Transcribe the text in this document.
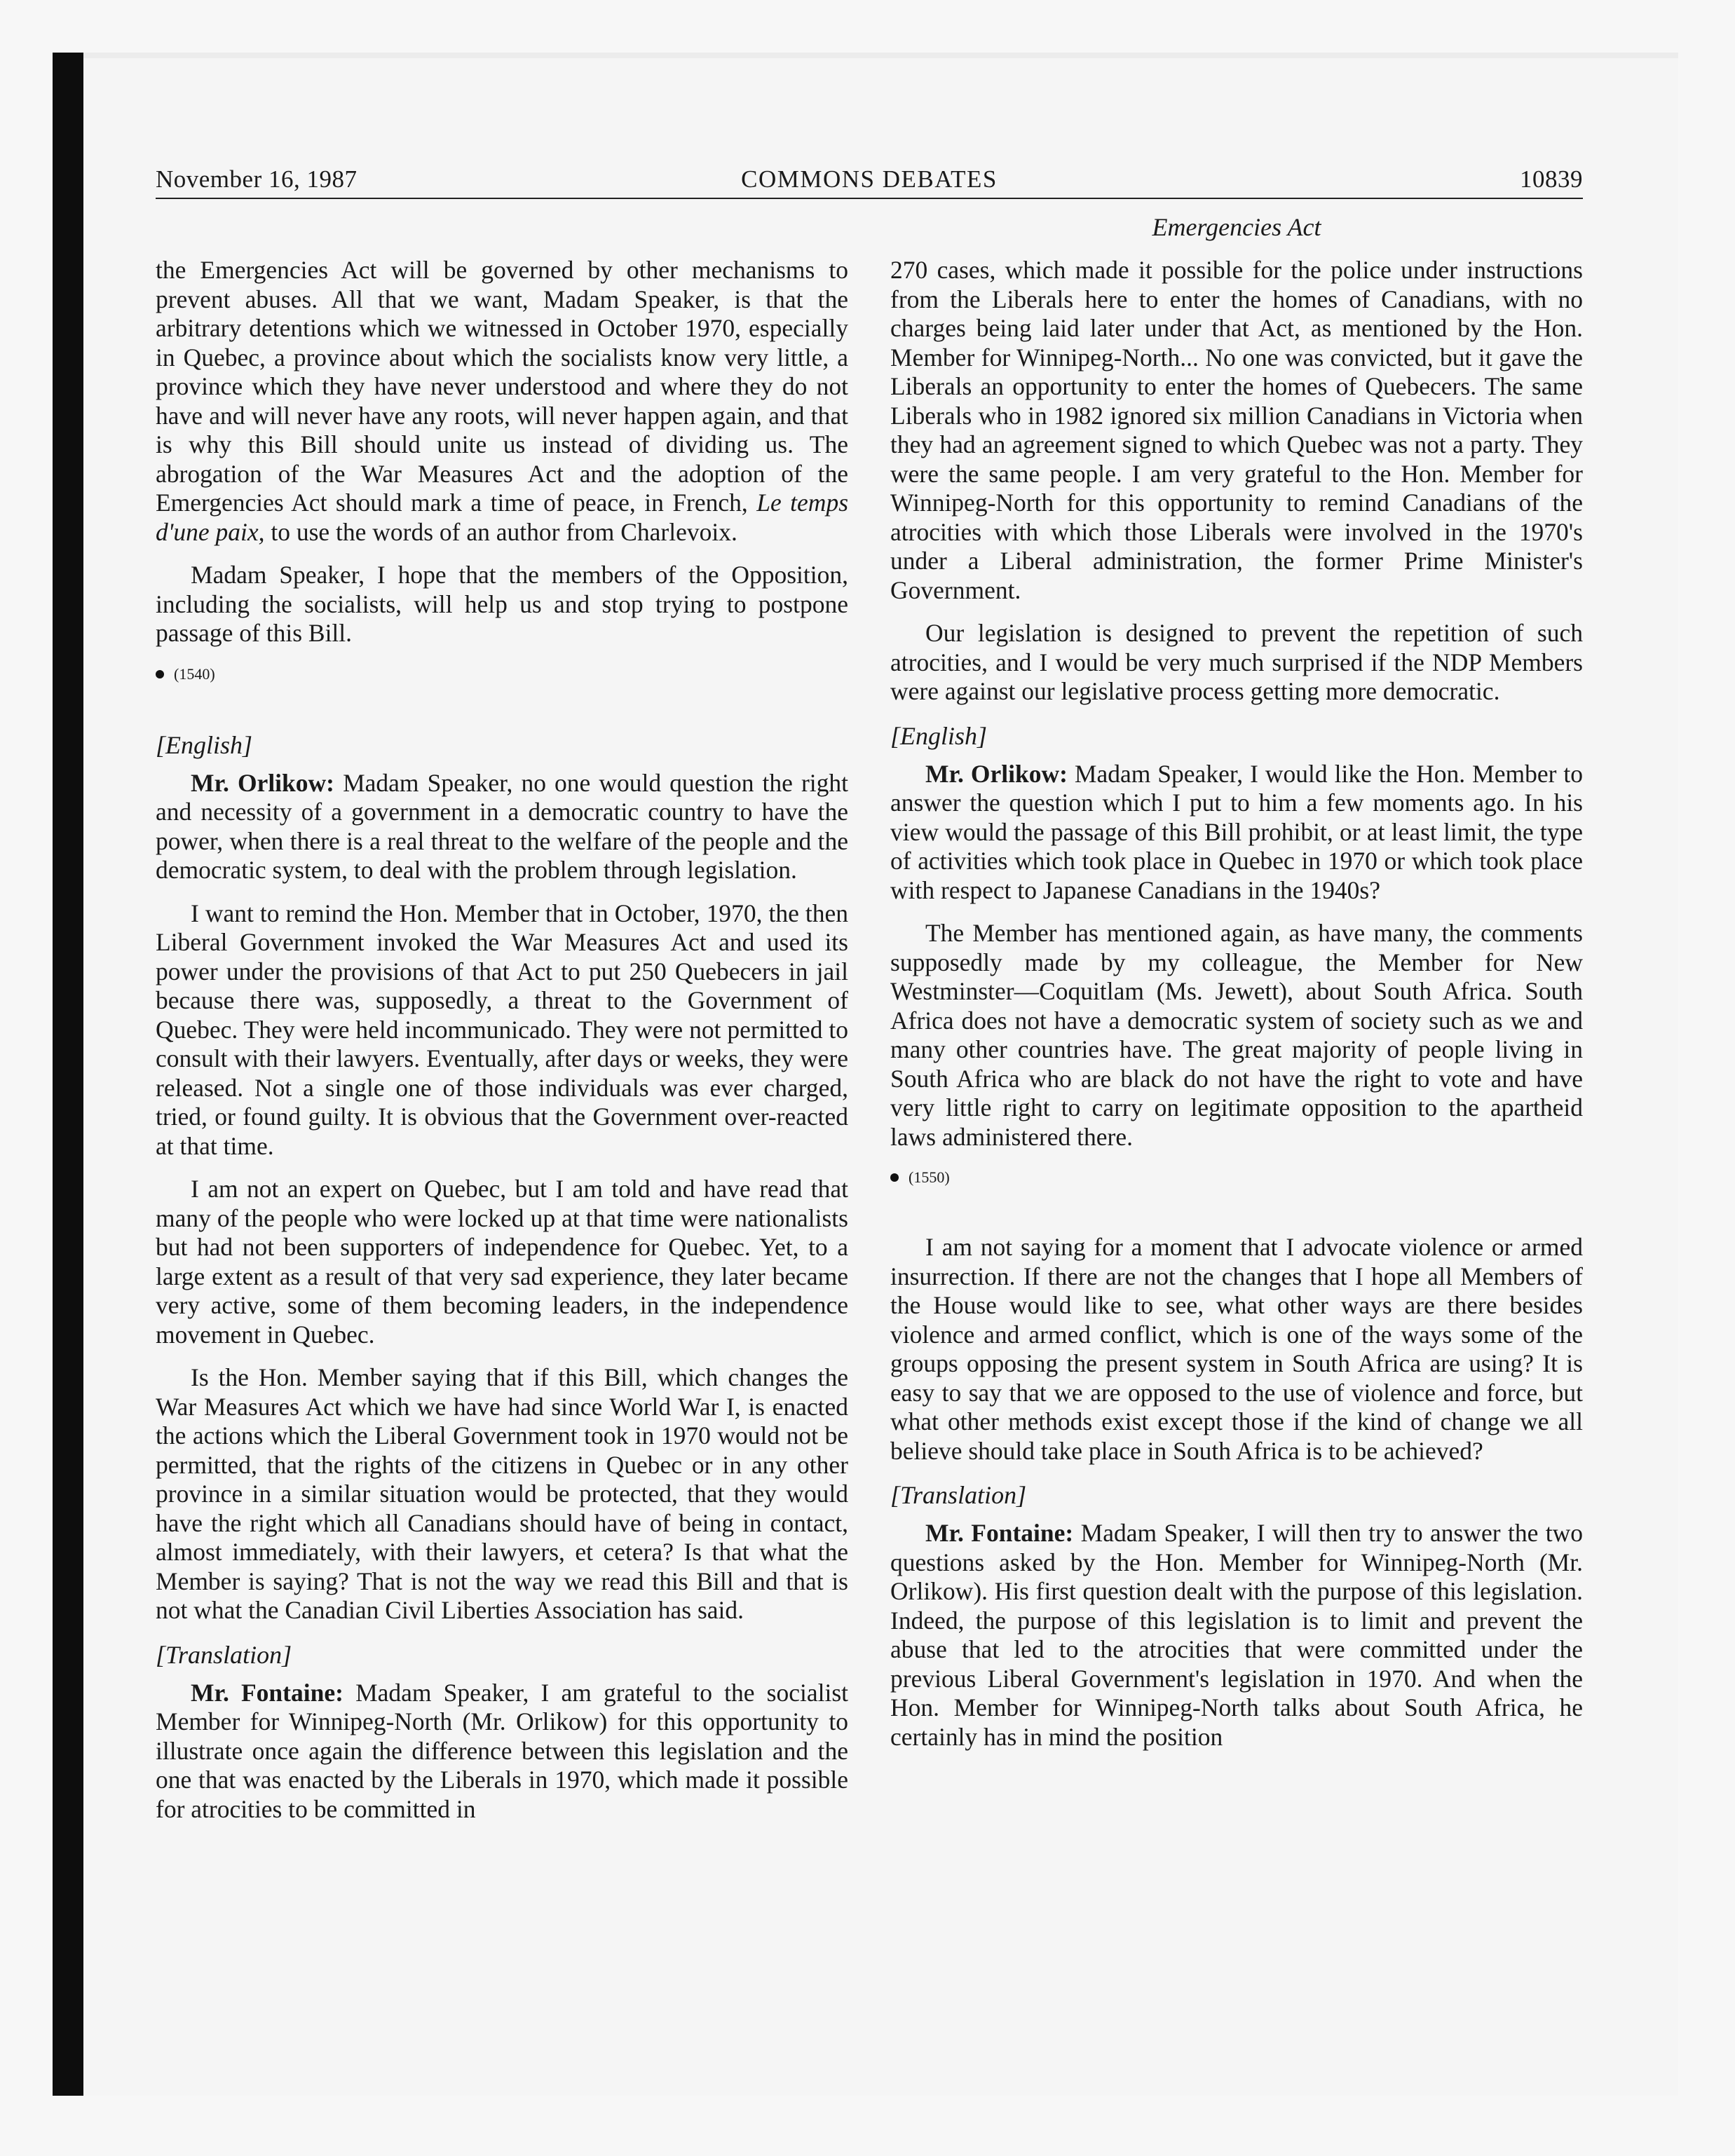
November 16, 1987	COMMONS DEBATES	10839
Emergencies Act

the Emergencies Act will be governed by other mechanisms to prevent abuses. All that we want, Madam Speaker, is that the arbitrary detentions which we witnessed in October 1970, especially in Quebec, a province about which the socialists know very little, a province which they have never understood and where they do not have and will never have any roots, will never happen again, and that is why this Bill should unite us instead of dividing us. The abrogation of the War Measures Act and the adoption of the Emergencies Act should mark a time of peace, in French, Le temps d'une paix, to use the words of an author from Charlevoix.

Madam Speaker, I hope that the members of the Opposition, including the socialists, will help us and stop trying to postpone passage of this Bill.

(1540)
[English]

Mr. Orlikow: Madam Speaker, no one would question the right and necessity of a government in a democratic country to have the power, when there is a real threat to the welfare of the people and the democratic system, to deal with the problem through legislation.

I want to remind the Hon. Member that in October, 1970, the then Liberal Government invoked the War Measures Act and used its power under the provisions of that Act to put 250 Quebecers in jail because there was, supposedly, a threat to the Government of Quebec. They were held incommunicado. They were not permitted to consult with their lawyers. Eventually, after days or weeks, they were released. Not a single one of those individuals was ever charged, tried, or found guilty. It is obvious that the Government over-reacted at that time.

I am not an expert on Quebec, but I am told and have read that many of the people who were locked up at that time were nationalists but had not been supporters of independence for Quebec. Yet, to a large extent as a result of that very sad experience, they later became very active, some of them becoming leaders, in the independence movement in Quebec.

Is the Hon. Member saying that if this Bill, which changes the War Measures Act which we have had since World War I, is enacted the actions which the Liberal Government took in 1970 would not be permitted, that the rights of the citizens in Quebec or in any other province in a similar situation would be protected, that they would have the right which all Canadians should have of being in contact, almost immediately, with their lawyers, et cetera? Is that what the Member is saying? That is not the way we read this Bill and that is not what the Canadian Civil Liberties Association has said.

[Translation]

Mr. Fontaine: Madam Speaker, I am grateful to the socialist Member for Winnipeg-North (Mr. Orlikow) for this opportunity to illustrate once again the difference between this legislation and the one that was enacted by the Liberals in 1970, which made it possible for atrocities to be committed in

270 cases, which made it possible for the police under instructions from the Liberals here to enter the homes of Canadians, with no charges being laid later under that Act, as mentioned by the Hon. Member for Winnipeg-North... No one was convicted, but it gave the Liberals an opportunity to enter the homes of Quebecers. The same Liberals who in 1982 ignored six million Canadians in Victoria when they had an agreement signed to which Quebec was not a party. They were the same people. I am very grateful to the Hon. Member for Winnipeg-North for this opportunity to remind Canadians of the atrocities with which those Liberals were involved in the 1970's under a Liberal administration, the former Prime Minister's Government.

Our legislation is designed to prevent the repetition of such atrocities, and I would be very much surprised if the NDP Members were against our legislative process getting more democratic.

[English]

Mr. Orlikow: Madam Speaker, I would like the Hon. Member to answer the question which I put to him a few moments ago. In his view would the passage of this Bill prohibit, or at least limit, the type of activities which took place in Quebec in 1970 or which took place with respect to Japanese Canadians in the 1940s?

The Member has mentioned again, as have many, the comments supposedly made by my colleague, the Member for New Westminster—Coquitlam (Ms. Jewett), about South Africa. South Africa does not have a democratic system of society such as we and many other countries have. The great majority of people living in South Africa who are black do not have the right to vote and have very little right to carry on legitimate opposition to the apartheid laws administered there.

(1550)

I am not saying for a moment that I advocate violence or armed insurrection. If there are not the changes that I hope all Members of the House would like to see, what other ways are there besides violence and armed conflict, which is one of the ways some of the groups opposing the present system in South Africa are using? It is easy to say that we are opposed to the use of violence and force, but what other methods exist except those if the kind of change we all believe should take place in South Africa is to be achieved?

[Translation]

Mr. Fontaine: Madam Speaker, I will then try to answer the two questions asked by the Hon. Member for Winnipeg-North (Mr. Orlikow). His first question dealt with the purpose of this legislation. Indeed, the purpose of this legislation is to limit and prevent the abuse that led to the atrocities that were committed under the previous Liberal Government's legislation in 1970. And when the Hon. Member for Winnipeg-North talks about South Africa, he certainly has in mind the position
